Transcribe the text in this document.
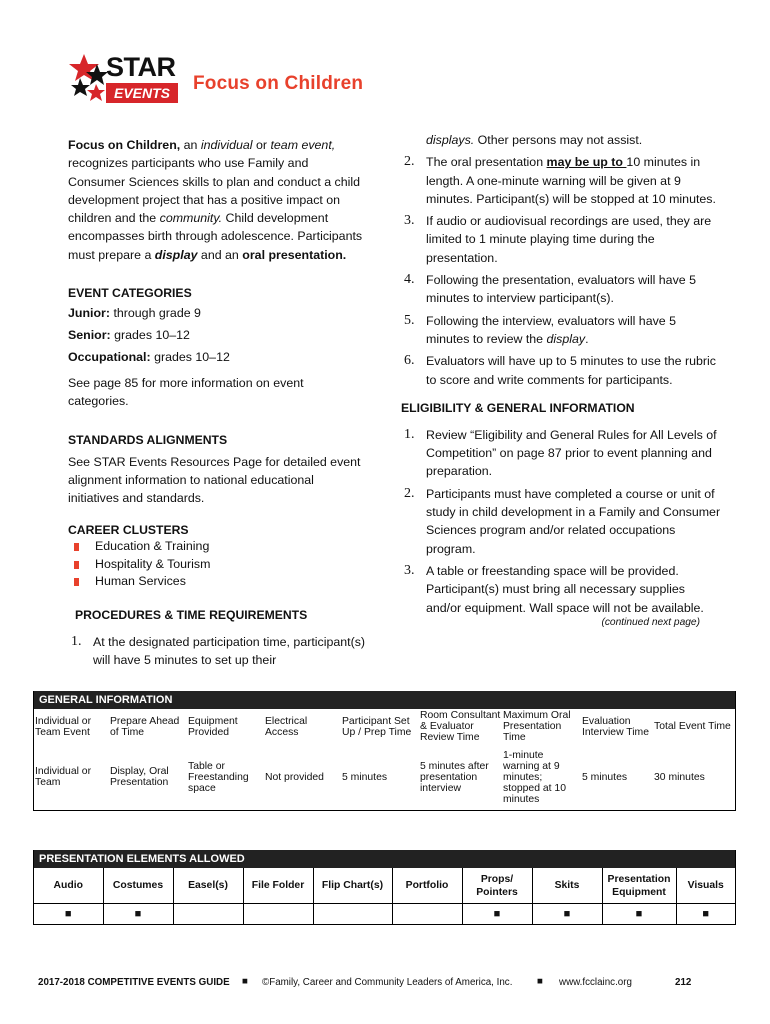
STAR
EVENTS	Focus on Children

Focus on Children, an individual or team event, recognizes participants who use Family and Consumer Sciences skills to plan and conduct a child development project that has a positive impact on children and the community. Child development encompasses birth through adolescence. Participants must prepare a display and an oral presentation.

EVENT CATEGORIES

Junior: through grade 9

Senior: grades 10–12

Occupational: grades 10–12

See page 85 for more information on event categories.

STANDARDS ALIGNMENTS

See STAR Events Resources Page for detailed event alignment information to national educational initiatives and standards.

CAREER CLUSTERS

Education & Training
Hospitality & Tourism
Human Services

PROCEDURES & TIME REQUIREMENTS

1. At the designated participation time, participant(s) will have 5 minutes to set up their

displays. Other persons may not assist.

2. The oral presentation may be up to 10 minutes in length. A one-minute warning will be given at 9 minutes. Participant(s) will be stopped at 10 minutes.
3. If audio or audiovisual recordings are used, they are limited to 1 minute playing time during the presentation.
4. Following the presentation, evaluators will have 5 minutes to interview participant(s).
5. Following the interview, evaluators will have 5 minutes to review the display.
6. Evaluators will have up to 5 minutes to use the rubric to score and write comments for participants.

ELIGIBILITY & GENERAL INFORMATION

1. Review “Eligibility and General Rules for All Levels of Competition” on page 87 prior to event planning and preparation.
2. Participants must have completed a course or unit of study in child development in a Family and Consumer Sciences program and/or related occupations program.
3. A table or freestanding space will be provided. Participant(s) must bring all necessary supplies and/or equipment. Wall space will not be available.

(continued next page)

GENERAL INFORMATION
Individual or Team Event	Prepare Ahead of Time	Equipment Provided	Electrical Access	Participant Set Up / Prep Time	Room Consultant & Evaluator Review Time	Maximum Oral Presentation Time	Evaluation Interview Time	Total Event Time
Individual or Team	Display, Oral Presentation	Table or Freestanding space	Not provided	5 minutes	5 minutes after presentation interview	1-minute warning at 9 minutes; stopped at 10 minutes	5 minutes	30 minutes
PRESENTATION ELEMENTS ALLOWED
Audio	Costumes	Easel(s)	File Folder	Flip Chart(s)	Portfolio	Props/ Pointers	Skits	Presentation Equipment	Visuals
■	■					■	■	■	■
2017-2018 COMPETITIVE EVENTS GUIDE ■ ©Family, Career and Community Leaders of America, Inc.	■ www.fcclainc.org	212
